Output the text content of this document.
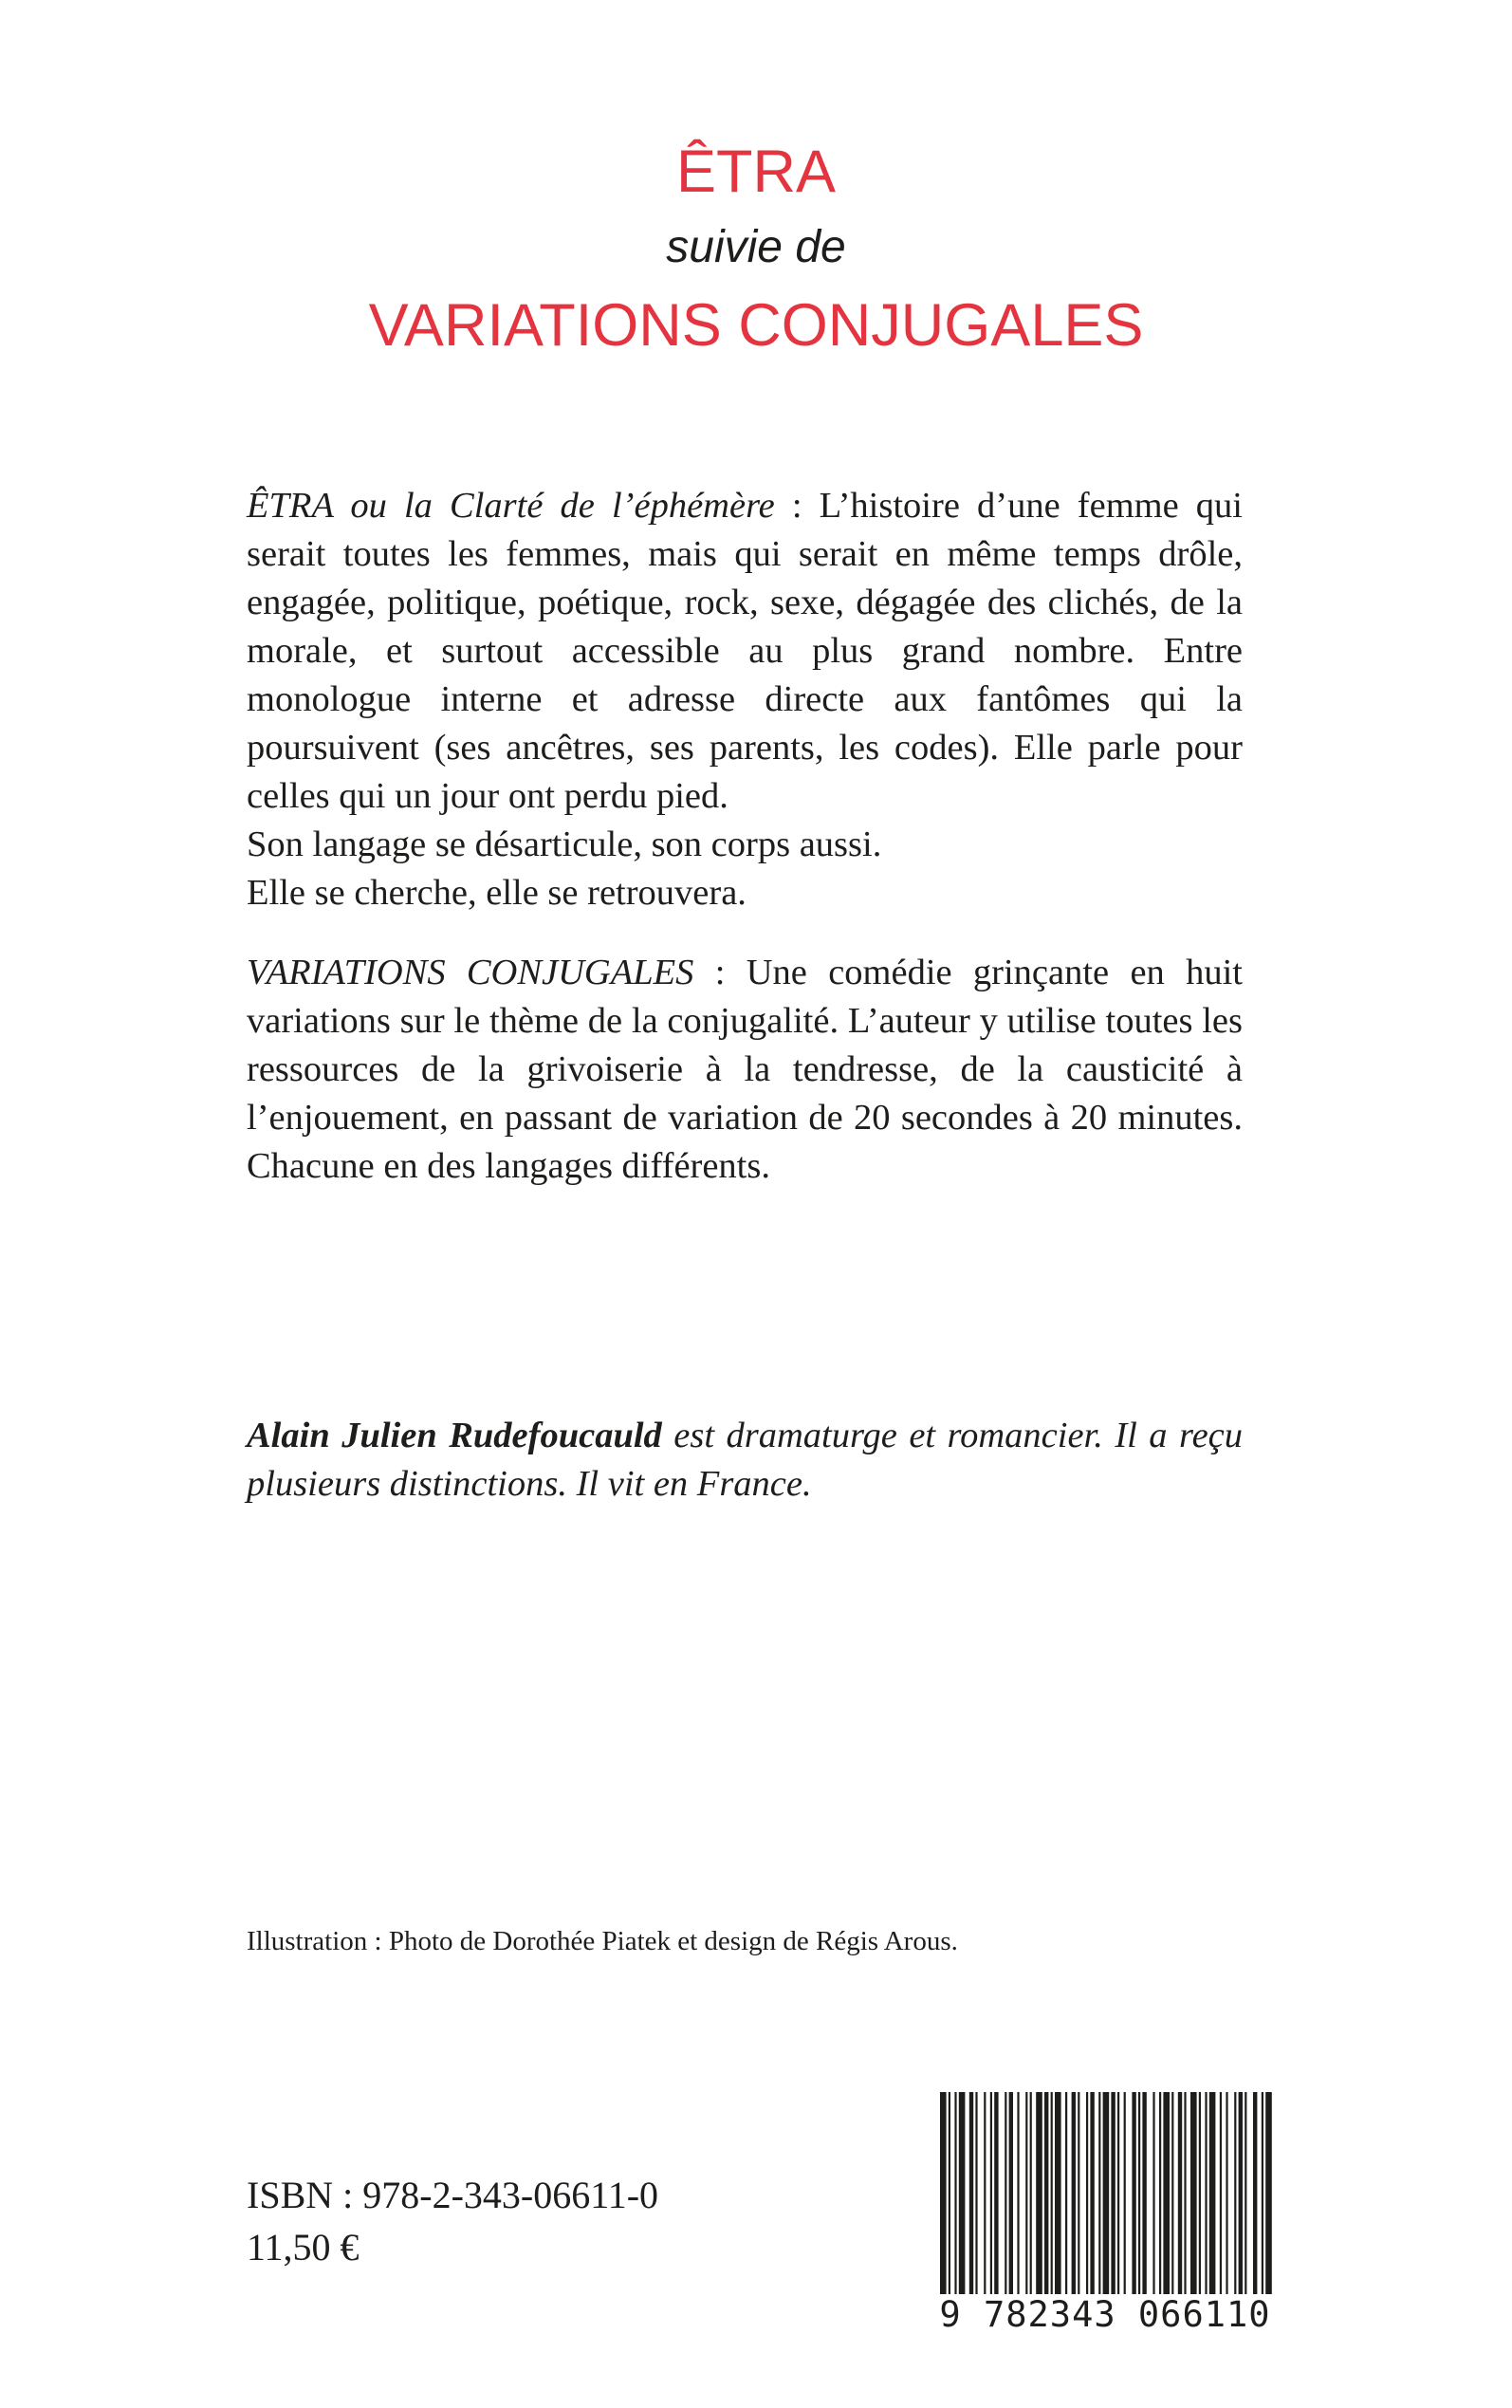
ÊTRA
suivie de
VARIATIONS CONJUGALES

ÊTRA ou la Clarté de l’éphémère : L’histoire d’une femme qui serait toutes les femmes, mais qui serait en même temps drôle, engagée, politique, poétique, rock, sexe, dégagée des clichés, de la morale, et surtout accessible au plus grand nombre. Entre monologue interne et adresse directe aux fantômes qui la poursuivent (ses ancêtres, ses parents, les codes). Elle parle pour celles qui un jour ont perdu pied.

Son langage se désarticule, son corps aussi.

Elle se cherche, elle se retrouvera.

VARIATIONS CONJUGALES : Une comédie grinçante en huit variations sur le thème de la conjugalité. L’auteur y utilise toutes les ressources de la grivoiserie à la tendresse, de la causticité à l’enjouement, en passant de variation de 20 secondes à 20 minutes. Chacune en des langages différents.

Alain Julien Rudefoucauld est dramaturge et romancier. Il a reçu plusieurs distinctions. Il vit en France.
Illustration : Photo de Dorothée Piatek et design de Régis Arous.
ISBN : 978-2-343-06611-0
11,50 €
9 782343 066110
